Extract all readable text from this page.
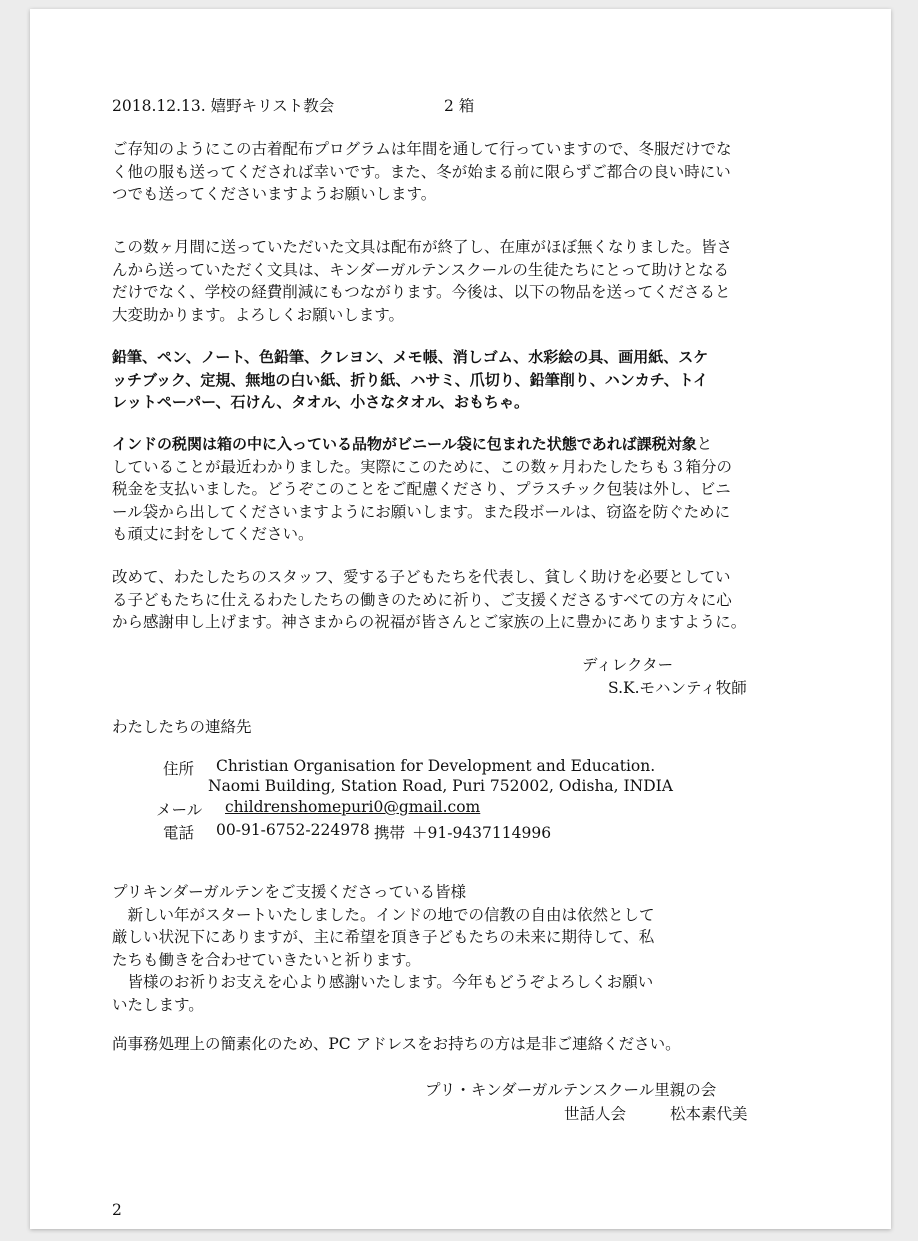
2018.12.13. 嬉野キリスト教会	2 箱
ご存知のようにこの古着配布プログラムは年間を通して行っていますので、冬服だけでな
く他の服も送ってくだされば幸いです。また、冬が始まる前に限らずご都合の良い時にい
つでも送ってくださいますようお願いします。
この数ヶ月間に送っていただいた文具は配布が終了し、在庫がほぼ無くなりました。皆さ
んから送っていただく文具は、キンダーガルテンスクールの生徒たちにとって助けとなる
だけでなく、学校の経費削減にもつながります。今後は、以下の物品を送ってくださると
大変助かります。よろしくお願いします。
鉛筆、ペン、ノート、色鉛筆、クレヨン、メモ帳、消しゴム、水彩絵の具、画用紙、スケ
ッチブック、定規、無地の白い紙、折り紙、ハサミ、爪切り、鉛筆削り、ハンカチ、トイ
レットペーパー、石けん、タオル、小さなタオル、おもちゃ。
インドの税関は箱の中に入っている品物がビニール袋に包まれた状態であれば課税対象と
していることが最近わかりました。実際にこのために、この数ヶ月わたしたちも３箱分の
税金を支払いました。どうぞこのことをご配慮くださり、プラスチック包装は外し、ビニ
ール袋から出してくださいますようにお願いします。また段ボールは、窃盗を防ぐために
も頑丈に封をしてください。
改めて、わたしたちのスタッフ、愛する子どもたちを代表し、貧しく助けを必要としてい
る子どもたちに仕えるわたしたちの働きのために祈り、ご支援くださるすべての方々に心
から感謝申し上げます。神さまからの祝福が皆さんとご家族の上に豊かにありますように。
ディレクター
S.K.モハンティ牧師
わたしたちの連絡先
住所 Christian Organisation for Development and Education.
Naomi Building, Station Road, Puri 752002, Odisha, INDIA
メール childrenshomepuri0@gmail.com
電話 00-91-6752-224978 携帯 ＋91-9437114996
プリキンダーガルテンをご支援くださっている皆様
　新しい年がスタートいたしました。インドの地での信教の自由は依然として
厳しい状況下にありますが、主に希望を頂き子どもたちの未来に期待して、私
たちも働きを合わせていきたいと祈ります。
　皆様のお祈りお支えを心より感謝いたします。今年もどうぞよろしくお願い
いたします。
尚事務処理上の簡素化のため、PC アドレスをお持ちの方は是非ご連絡ください。
プリ・キンダーガルテンスクール里親の会
世話人会	松本素代美
2
